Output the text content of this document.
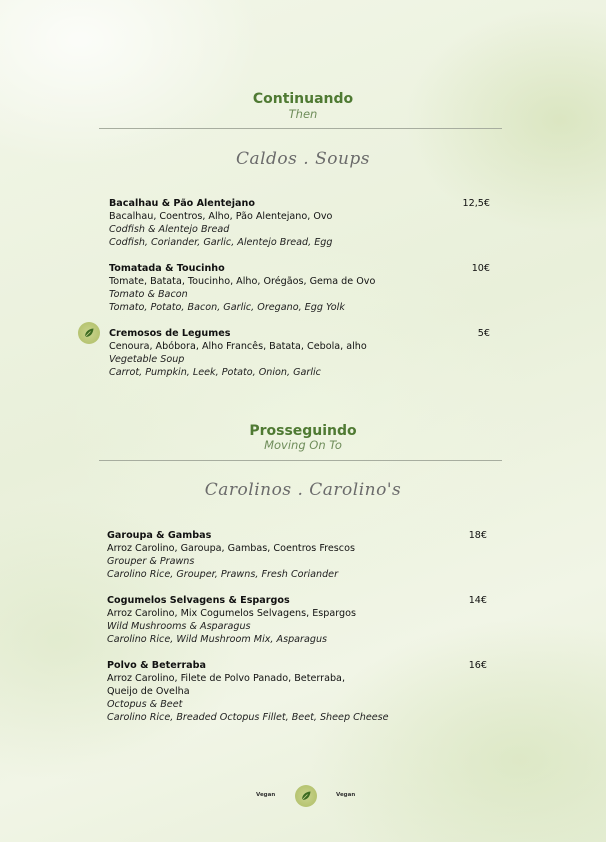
Continuando
Then
Caldos . Soups
Bacalhau & Pão Alentejano
Bacalhau, Coentros, Alho, Pão Alentejano, Ovo
Codfish & Alentejo Bread
Codfish, Coriander, Garlic, Alentejo Bread, Egg
12,5€
Tomatada & Toucinho
Tomate, Batata, Toucinho, Alho, Orégãos, Gema de Ovo
Tomato & Bacon
Tomato, Potato, Bacon, Garlic, Oregano, Egg Yolk
10€
Cremosos de Legumes
Cenoura, Abóbora, Alho Francês, Batata, Cebola, alho
Vegetable Soup
Carrot, Pumpkin, Leek, Potato, Onion, Garlic
5€
Prosseguindo
Moving On To
Carolinos . Carolino's
Garoupa & Gambas
Arroz Carolino, Garoupa, Gambas, Coentros Frescos
Grouper & Prawns
Carolino Rice, Grouper, Prawns, Fresh Coriander
18€
Cogumelos Selvagens & Espargos
Arroz Carolino, Mix Cogumelos Selvagens, Espargos
Wild Mushrooms & Asparagus
Carolino Rice, Wild Mushroom Mix, Asparagus
14€
Polvo & Beterraba
Arroz Carolino, Filete de Polvo Panado, Beterraba,
Queijo de Ovelha
Octopus & Beet
Carolino Rice, Breaded Octopus Fillet, Beet, Sheep Cheese
16€
Vegan	Vegan
